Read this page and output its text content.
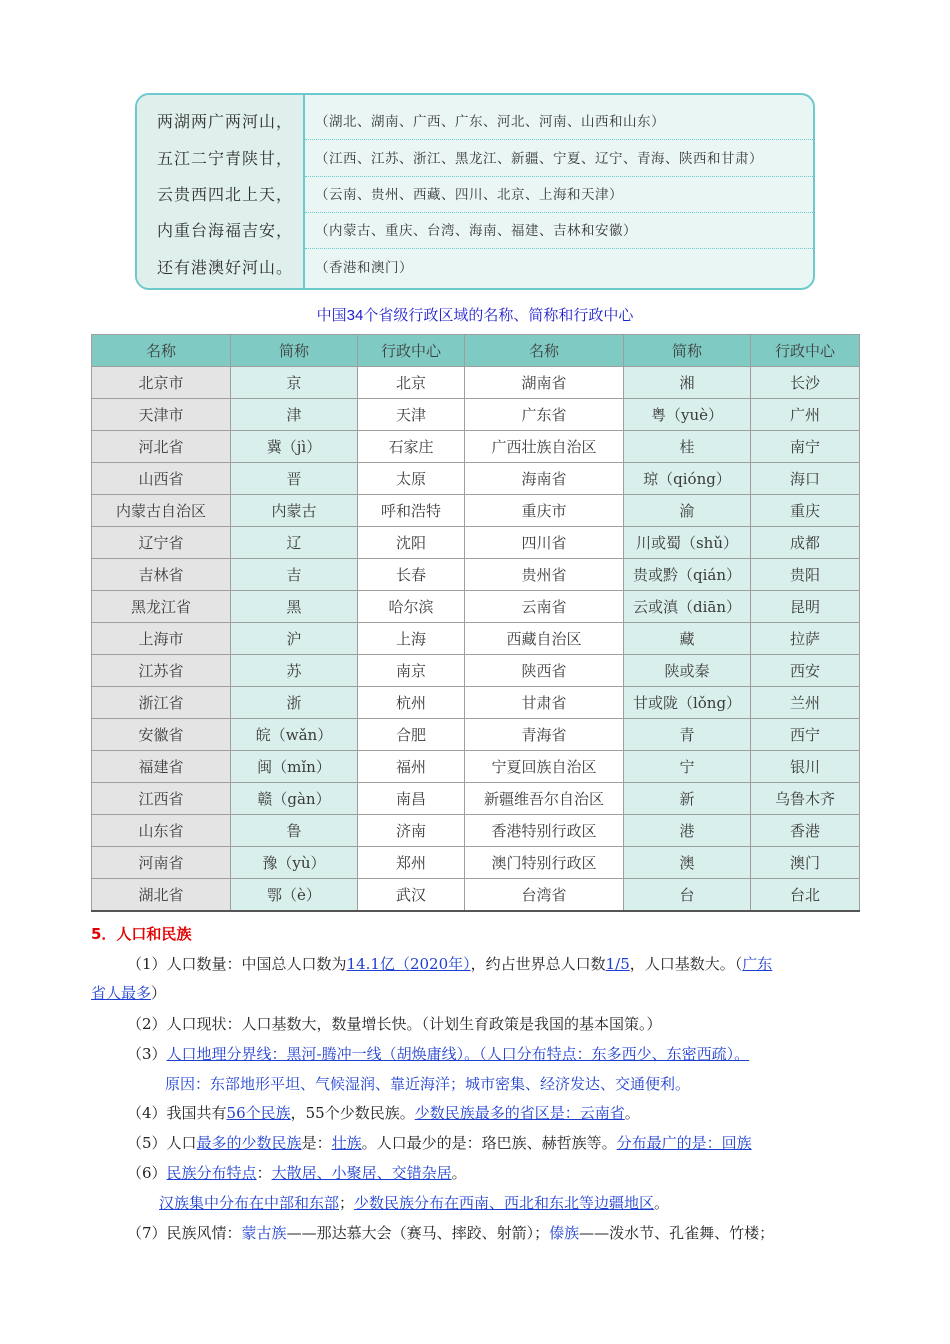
两湖两广两河山，	（湖北、湖南、广西、广东、河北、河南、山西和山东）
五江二宁青陕甘，	（江西、江苏、浙江、黑龙江、新疆、宁夏、辽宁、青海、陕西和甘肃）
云贵西四北上天，	（云南、贵州、西藏、四川、北京、上海和天津）
内重台海福吉安，	（内蒙古、重庆、台湾、海南、福建、吉林和安徽）
还有港澳好河山。	（香港和澳门）
中国34个省级行政区域的名称、简称和行政中心
名称	简称	行政中心	名称	简称	行政中心
北京市	京	北京	湖南省	湘	长沙
天津市	津	天津	广东省	粤（yuè）	广州
河北省	冀（jì）	石家庄	广西壮族自治区	桂	南宁
山西省	晋	太原	海南省	琼（qióng）	海口
内蒙古自治区	内蒙古	呼和浩特	重庆市	渝	重庆
辽宁省	辽	沈阳	四川省	川或蜀（shǔ）	成都
吉林省	吉	长春	贵州省	贵或黔（qián）	贵阳
黑龙江省	黑	哈尔滨	云南省	云或滇（diān）	昆明
上海市	沪	上海	西藏自治区	藏	拉萨
江苏省	苏	南京	陕西省	陕或秦	西安
浙江省	浙	杭州	甘肃省	甘或陇（lǒng）	兰州
安徽省	皖（wǎn）	合肥	青海省	青	西宁
福建省	闽（mǐn）	福州	宁夏回族自治区	宁	银川
江西省	赣（gàn）	南昌	新疆维吾尔自治区	新	乌鲁木齐
山东省	鲁	济南	香港特别行政区	港	香港
河南省	豫（yù）	郑州	澳门特别行政区	澳	澳门
湖北省	鄂（è）	武汉	台湾省	台	台北
5．人口和民族
（1）人口数量：中国总人口数为14.1亿（2020年），约占世界总人口数1/5，人口基数大。（广东
省人最多）
（2）人口现状：人口基数大，数量增长快。（计划生育政策是我国的基本国策。）
（3）人口地理分界线：黑河-腾冲一线（胡焕庸线）。（人口分布特点：东多西少、东密西疏）。
原因：东部地形平坦、气候湿润、靠近海洋；城市密集、经济发达、交通便利。
（4）我国共有56个民族，55个少数民族。少数民族最多的省区是：云南省。
（5）人口最多的少数民族是：壮族。人口最少的是：珞巴族、赫哲族等。分布最广的是：回族
（6）民族分布特点：大散居、小聚居、交错杂居。
汉族集中分布在中部和东部；少数民族分布在西南、西北和东北等边疆地区。
（7）民族风情：蒙古族——那达慕大会（赛马、摔跤、射箭）；傣族——泼水节、孔雀舞、竹楼；
